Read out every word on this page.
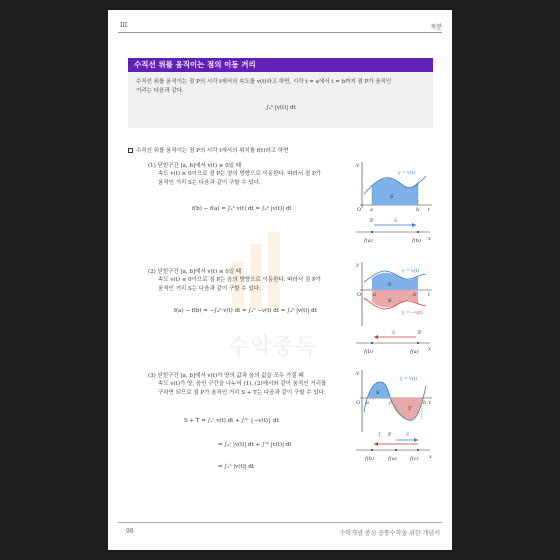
III	적분
수직선 위를 움직이는 점의 이동 거리
수직선 위를 움직이는 점 P의 시각 t에서의 속도를 v(t)라고 하면, 시각 t = a에서 t = b까지 점 P가 움직인
거리는 다음과 같다.
∫ₐᵇ |v(t)| dt
수직선 위를 움직이는 점 P의 시각 t에서의 위치를 f(t)라고 하면
수악중독
(1) 닫힌구간 [a, b]에서 v(t) ≥ 0일 때
속도 v(t) ≥ 0이므로 점 P는 양의 방향으로 이동한다. 따라서 점 P가
움직인 거리 S는 다음과 같이 구할 수 있다.
f(b) − f(a) = ∫ₐᵇ v(t) dt = ∫ₐᵇ |v(t)| dt
y
y = v(t)
S
O a	b t
P	S
f(a)	f(b) x
(2) 닫힌구간 [a, b]에서 v(t) ≤ 0일 때
속도 v(t) ≤ 0이므로 점 P는 음의 방향으로 이동한다. 따라서 점 P가
움직인 거리 S는 다음과 같이 구할 수 있다.
f(a) − f(b) = −∫ₐᵇ v(t) dt = ∫ₐᵇ −v(t) dt = ∫ₐᵇ |v(t)| dt
y
y = v(t)
y = −v(t)
S
S
O a	b t
S	P
f(b)	f(a) x
(3) 닫힌구간 [a, b]에서 v(t)가 양의 값과 음의 값을 모두 가질 때
속도 v(t)가 양, 음인 구간을 나누어 (1), (2)에서와 같이 움직인 거리를
구하면 되므로 점 P가 움직인 거리 S + T는 다음과 같이 구할 수 있다.
S + T = ∫ₐᶜ v(t) dt + ∫ᶜᵇ {−v(t)} dt
= ∫ₐᶜ |v(t)| dt + ∫ᶜᵇ |v(t)| dt
= ∫ₐᵇ |v(t)| dt
y
y = v(t)
S
T
O a	c	b t
T P	S
f(b)	f(a)	f(c) x
98	수학개념 중심 공통수학을 위한 개념서
